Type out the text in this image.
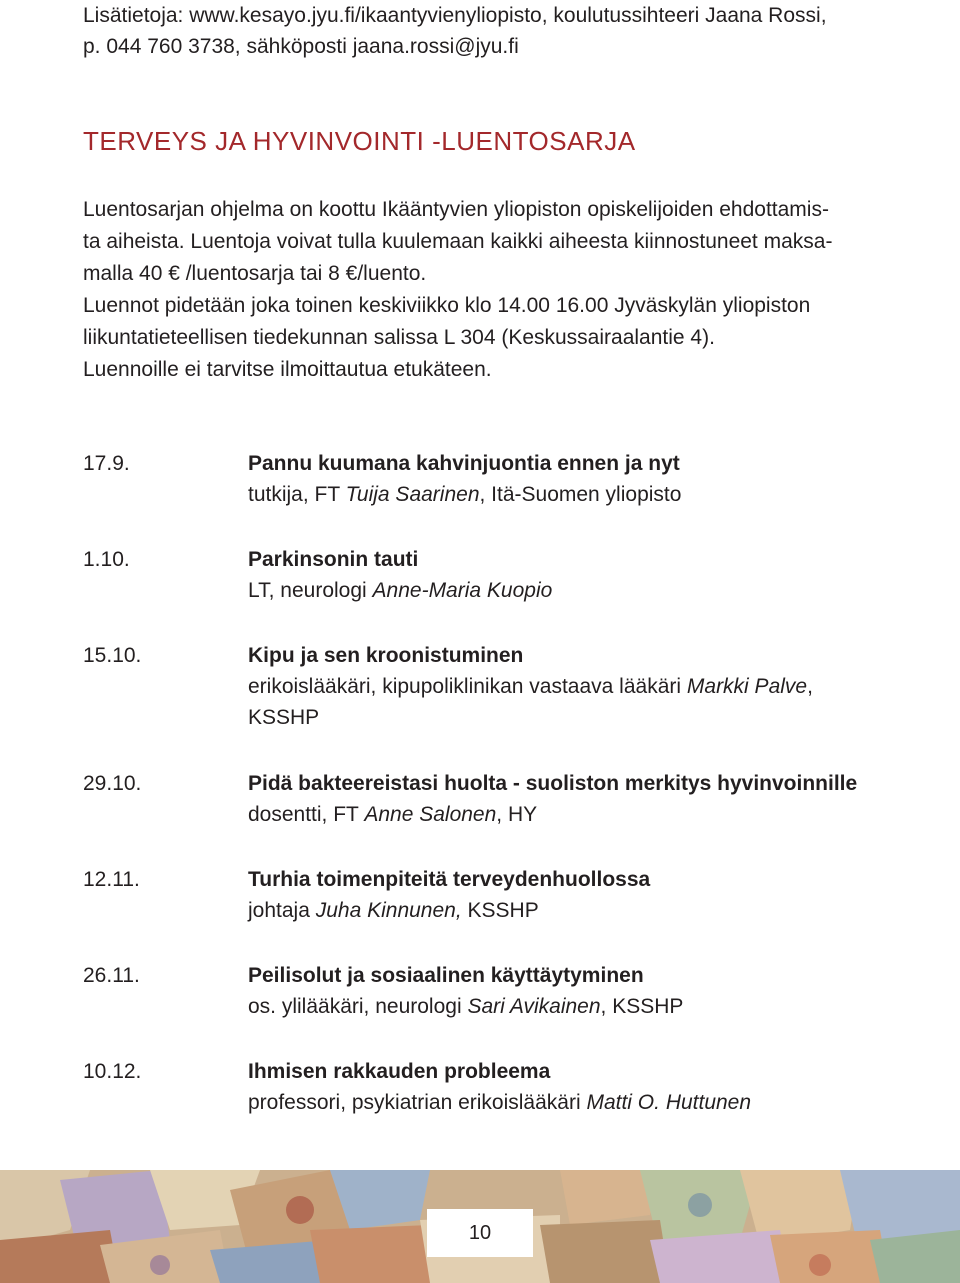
Lisätietoja: www.kesayo.jyu.fi/ikaantyvienyliopisto, koulutussihteeri Jaana Rossi,
p. 044 760 3738, sähköposti jaana.rossi@jyu.fi
TERVEYS JA HYVINVOINTI -LUENTOSARJA
Luentosarjan ohjelma on koottu Ikääntyvien yliopiston opiskelijoiden ehdottamis-
ta aiheista. Luentoja voivat tulla kuulemaan kaikki aiheesta kiinnostuneet maksa-
malla 40 € /luentosarja tai 8 €/luento.
Luennot pidetään joka toinen keskiviikko klo 14.00 16.00 Jyväskylän yliopiston
liikuntatieteellisen tiedekunnan salissa L 304 (Keskussairaalantie 4).
Luennoille ei tarvitse ilmoittautua etukäteen.
17.9.	Pannu kuumana kahvinjuontia ennen ja nyt
tutkija, FT Tuija Saarinen, Itä-Suomen yliopisto
1.10.	Parkinsonin tauti
LT, neurologi Anne-Maria Kuopio
15.10.	Kipu ja sen kroonistuminen
erikoislääkäri, kipupoliklinikan vastaava lääkäri Markki Palve,
KSSHP
29.10.	Pidä bakteereistasi huolta - suoliston merkitys hyvinvoinnille
dosentti, FT Anne Salonen, HY
12.11.	Turhia toimenpiteitä terveydenhuollossa
johtaja Juha Kinnunen, KSSHP
26.11.	Peilisolut ja sosiaalinen käyttäytyminen
os. ylilääkäri, neurologi Sari Avikainen, KSSHP
10.12.	Ihmisen rakkauden probleema
professori, psykiatrian erikoislääkäri Matti O. Huttunen
10
